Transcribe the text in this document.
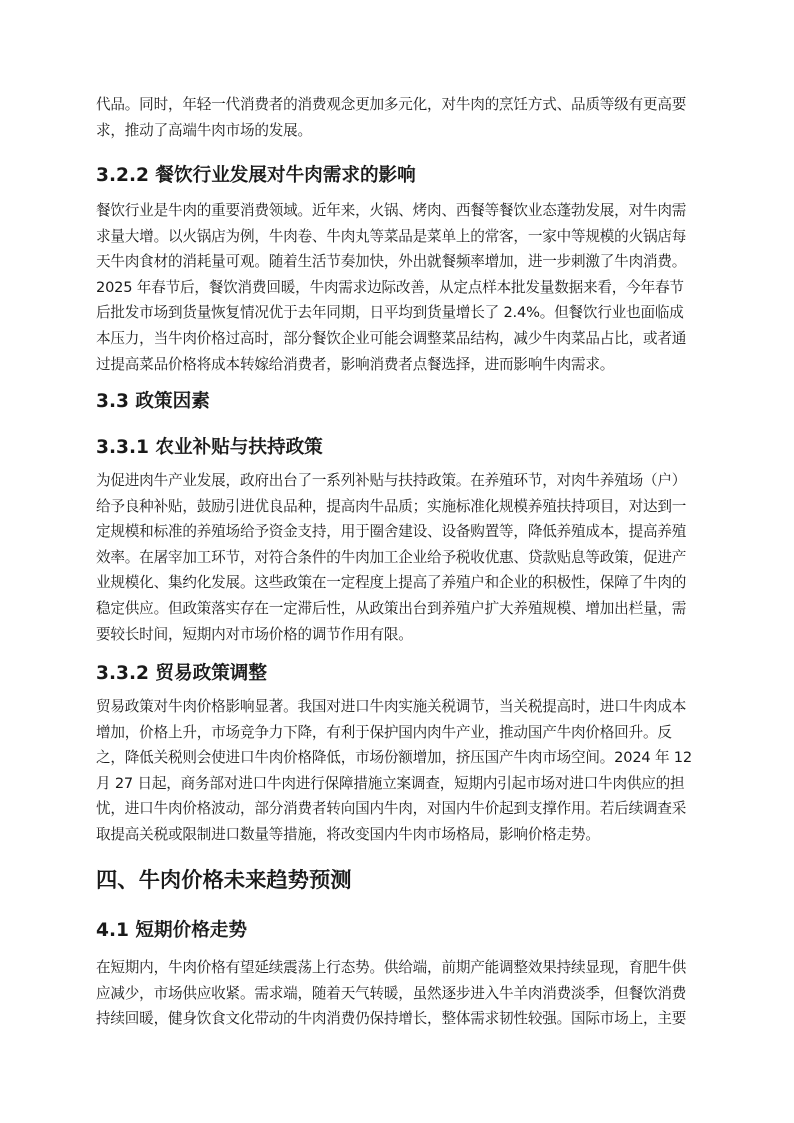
代品。同时，年轻一代消费者的消费观念更加多元化，对牛肉的烹饪方式、品质等级有更高要
求，推动了高端牛肉市场的发展。
3.2.2 餐饮行业发展对牛肉需求的影响
餐饮行业是牛肉的重要消费领域。近年来，火锅、烤肉、西餐等餐饮业态蓬勃发展，对牛肉需
求量大增。以火锅店为例，牛肉卷、牛肉丸等菜品是菜单上的常客，一家中等规模的火锅店每
天牛肉食材的消耗量可观。随着生活节奏加快，外出就餐频率增加，进一步刺激了牛肉消费。
2025 年春节后，餐饮消费回暖，牛肉需求边际改善，从定点样本批发量数据来看，今年春节
后批发市场到货量恢复情况优于去年同期，日平均到货量增长了 2.4%。但餐饮行业也面临成
本压力，当牛肉价格过高时，部分餐饮企业可能会调整菜品结构，减少牛肉菜品占比，或者通
过提高菜品价格将成本转嫁给消费者，影响消费者点餐选择，进而影响牛肉需求。
3.3 政策因素
3.3.1 农业补贴与扶持政策
为促进肉牛产业发展，政府出台了一系列补贴与扶持政策。在养殖环节，对肉牛养殖场（户）
给予良种补贴，鼓励引进优良品种，提高肉牛品质；实施标准化规模养殖扶持项目，对达到一
定规模和标准的养殖场给予资金支持，用于圈舍建设、设备购置等，降低养殖成本，提高养殖
效率。在屠宰加工环节，对符合条件的牛肉加工企业给予税收优惠、贷款贴息等政策，促进产
业规模化、集约化发展。这些政策在一定程度上提高了养殖户和企业的积极性，保障了牛肉的
稳定供应。但政策落实存在一定滞后性，从政策出台到养殖户扩大养殖规模、增加出栏量，需
要较长时间，短期内对市场价格的调节作用有限。
3.3.2 贸易政策调整
贸易政策对牛肉价格影响显著。我国对进口牛肉实施关税调节，当关税提高时，进口牛肉成本
增加，价格上升，市场竞争力下降，有利于保护国内肉牛产业，推动国产牛肉价格回升。反
之，降低关税则会使进口牛肉价格降低，市场份额增加，挤压国产牛肉市场空间。2024 年 12
月 27 日起，商务部对进口牛肉进行保障措施立案调查，短期内引起市场对进口牛肉供应的担
忧，进口牛肉价格波动，部分消费者转向国内牛肉，对国内牛价起到支撑作用。若后续调查采
取提高关税或限制进口数量等措施，将改变国内牛肉市场格局，影响价格走势。
四、牛肉价格未来趋势预测
4.1 短期价格走势
在短期内，牛肉价格有望延续震荡上行态势。供给端，前期产能调整效果持续显现，育肥牛供
应减少，市场供应收紧。需求端，随着天气转暖，虽然逐步进入牛羊肉消费淡季，但餐饮消费
持续回暖，健身饮食文化带动的牛肉消费仍保持增长，整体需求韧性较强。国际市场上，主要
